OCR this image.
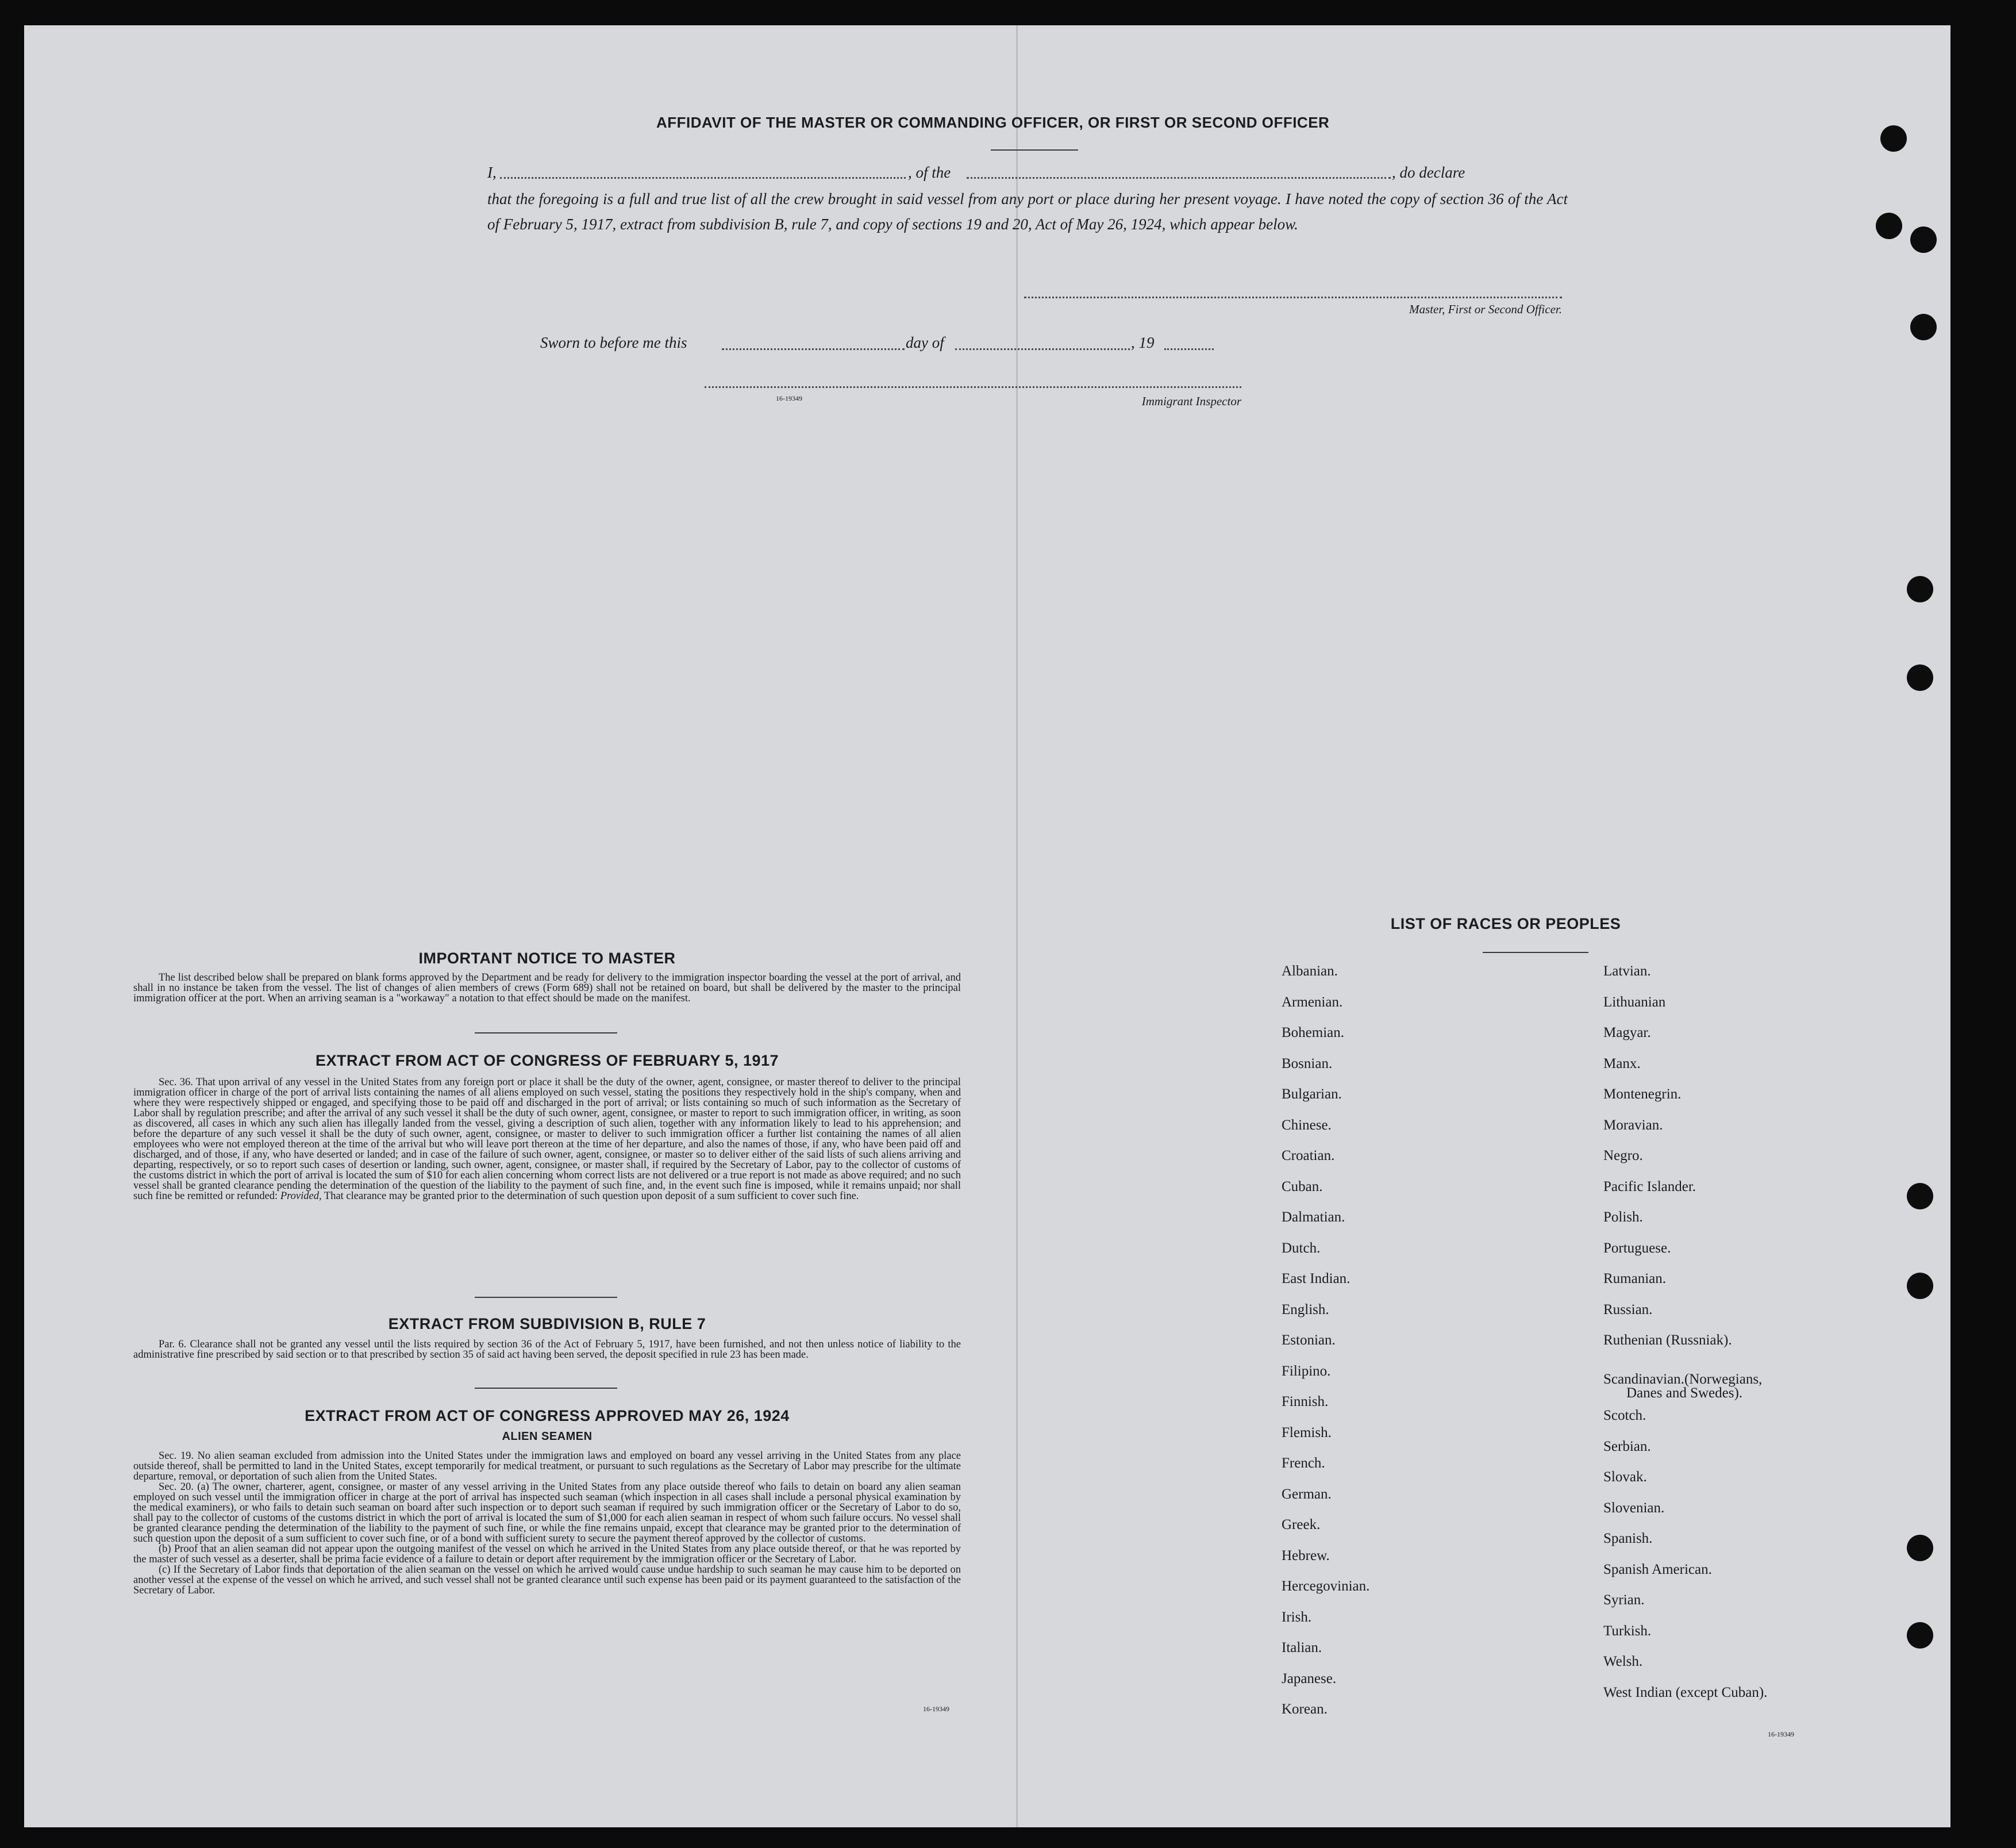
AFFIDAVIT OF THE MASTER OR COMMANDING OFFICER, OR FIRST OR SECOND OFFICER
I,	, of the	, do declare
that the foregoing is a full and true list of all the crew brought in said vessel from any port or place during her present voyage. I have noted the copy of section 36 of the Act of February 5, 1917, extract from subdivision B, rule 7, and copy of sections 19 and 20, Act of May 26, 1924, which appear below.
Master, First or Second Officer.
Sworn to before me this	day of	, 19
16-19349	Immigrant Inspector
IMPORTANT NOTICE TO MASTER

The list described below shall be prepared on blank forms approved by the Department and be ready for delivery to the immigration inspector boarding the vessel at the port of arrival, and shall in no instance be taken from the vessel. The list of changes of alien members of crews (Form 689) shall not be retained on board, but shall be delivered by the master to the principal immigration officer at the port. When an arriving seaman is a "workaway" a notation to that effect should be made on the manifest.

EXTRACT FROM ACT OF CONGRESS OF FEBRUARY 5, 1917

Sec. 36. That upon arrival of any vessel in the United States from any foreign port or place it shall be the duty of the owner, agent, consignee, or master thereof to deliver to the principal immigration officer in charge of the port of arrival lists containing the names of all aliens employed on such vessel, stating the positions they respectively hold in the ship's company, when and where they were respectively shipped or engaged, and specifying those to be paid off and discharged in the port of arrival; or lists containing so much of such information as the Secretary of Labor shall by regulation prescribe; and after the arrival of any such vessel it shall be the duty of such owner, agent, consignee, or master to report to such immigration officer, in writing, as soon as discovered, all cases in which any such alien has illegally landed from the vessel, giving a description of such alien, together with any information likely to lead to his apprehension; and before the departure of any such vessel it shall be the duty of such owner, agent, consignee, or master to deliver to such immigration officer a further list containing the names of all alien employees who were not employed thereon at the time of the arrival but who will leave port thereon at the time of her departure, and also the names of those, if any, who have been paid off and discharged, and of those, if any, who have deserted or landed; and in case of the failure of such owner, agent, consignee, or master so to deliver either of the said lists of such aliens arriving and departing, respectively, or so to report such cases of desertion or landing, such owner, agent, consignee, or master shall, if required by the Secretary of Labor, pay to the collector of customs of the customs district in which the port of arrival is located the sum of $10 for each alien concerning whom correct lists are not delivered or a true report is not made as above required; and no such vessel shall be granted clearance pending the determination of the question of the liability to the payment of such fine, and, in the event such fine is imposed, while it remains unpaid; nor shall such fine be remitted or refunded: Provided, That clearance may be granted prior to the determination of such question upon deposit of a sum sufficient to cover such fine.

EXTRACT FROM SUBDIVISION B, RULE 7

Par. 6. Clearance shall not be granted any vessel until the lists required by section 36 of the Act of February 5, 1917, have been furnished, and not then unless notice of liability to the administrative fine prescribed by said section or to that prescribed by section 35 of said act having been served, the deposit specified in rule 23 has been made.

EXTRACT FROM ACT OF CONGRESS APPROVED MAY 26, 1924
ALIEN SEAMEN

Sec. 19. No alien seaman excluded from admission into the United States under the immigration laws and employed on board any vessel arriving in the United States from any place outside thereof, shall be permitted to land in the United States, except temporarily for medical treatment, or pursuant to such regulations as the Secretary of Labor may prescribe for the ultimate departure, removal, or deportation of such alien from the United States.

Sec. 20. (a) The owner, charterer, agent, consignee, or master of any vessel arriving in the United States from any place outside thereof who fails to detain on board any alien seaman employed on such vessel until the immigration officer in charge at the port of arrival has inspected such seaman (which inspection in all cases shall include a personal physical examination by the medical examiners), or who fails to detain such seaman on board after such inspection or to deport such seaman if required by such immigration officer or the Secretary of Labor to do so, shall pay to the collector of customs of the customs district in which the port of arrival is located the sum of $1,000 for each alien seaman in respect of whom such failure occurs. No vessel shall be granted clearance pending the determination of the liability to the payment of such fine, or while the fine remains unpaid, except that clearance may be granted prior to the determination of such question upon the deposit of a sum sufficient to cover such fine, or of a bond with sufficient surety to secure the payment thereof approved by the collector of customs.

(b) Proof that an alien seaman did not appear upon the outgoing manifest of the vessel on which he arrived in the United States from any place outside thereof, or that he was reported by the master of such vessel as a deserter, shall be prima facie evidence of a failure to detain or deport after requirement by the immigration officer or the Secretary of Labor.

(c) If the Secretary of Labor finds that deportation of the alien seaman on the vessel on which he arrived would cause undue hardship to such seaman he may cause him to be deported on another vessel at the expense of the vessel on which he arrived, and such vessel shall not be granted clearance until such expense has been paid or its payment guaranteed to the satisfaction of the Secretary of Labor.

16-19349
LIST OF RACES OR PEOPLES
Albanian.
Armenian.
Bohemian.
Bosnian.
Bulgarian.
Chinese.
Croatian.
Cuban.
Dalmatian.
Dutch.
East Indian.
English.
Estonian.
Filipino.
Finnish.
Flemish.
French.
German.
Greek.
Hebrew.
Hercegovinian.
Irish.
Italian.
Japanese.
Korean.
Latvian.
Lithuanian
Magyar.
Manx.
Montenegrin.
Moravian.
Negro.
Pacific Islander.
Polish.
Portuguese.
Rumanian.
Russian.
Ruthenian (Russniak).
Scandinavian.(Norwegians,
Danes and Swedes).
Scotch.
Serbian.
Slovak.
Slovenian.
Spanish.
Spanish American.
Syrian.
Turkish.
Welsh.
West Indian (except Cuban).
16-19349
